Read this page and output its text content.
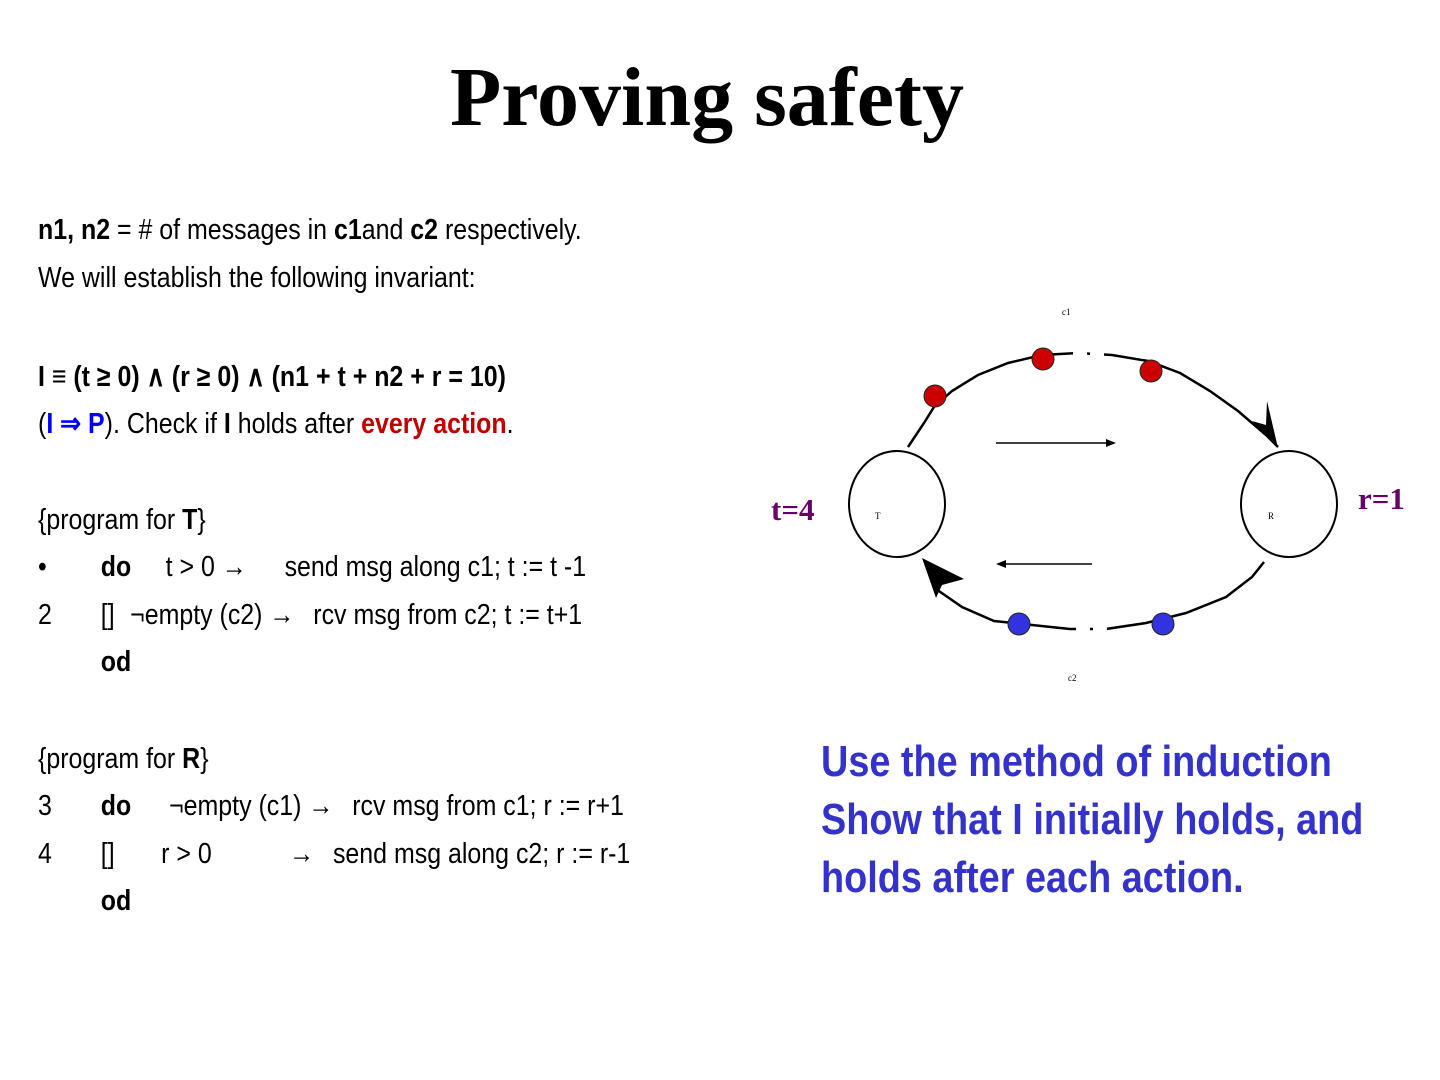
Proving safety
n1, n2 = # of messages in c1and c2 respectively.
We will establish the following invariant:
I ≡ (t ≥ 0) ∧ (r ≥ 0) ∧ (n1 + t + n2 + r = 10)
(I ⇒ P). Check if I holds after every action.
{program for T}
• do t > 0 → send msg along c1; t := t -1
2 [] ¬empty (c2) → rcv msg from c2; t := t+1
od
{program for R}
3 do ¬empty (c1) → rcv msg from c1; r := r+1
4 [] r > 0	→ send msg along c2; r := r-1
od
c1
c2
T	R
t=4	r=1
Use the method of induction
Show that I initially holds, and
holds after each action.
